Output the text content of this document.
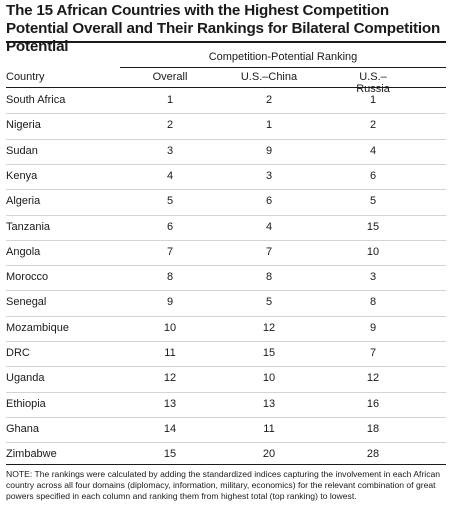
The 15 African Countries with the Highest Competition Potential Overall and Their Rankings for Bilateral Competition Potential
Competition-Potential Ranking
Country	Overall	U.S.–China	U.S.–Russia
South Africa	1	2	1
Nigeria	2	1	2
Sudan	3	9	4
Kenya	4	3	6
Algeria	5	6	5
Tanzania	6	4	15
Angola	7	7	10
Morocco	8	8	3
Senegal	9	5	8
Mozambique	10	12	9
DRC	11	15	7
Uganda	12	10	12
Ethiopia	13	13	16
Ghana	14	11	18
Zimbabwe	15	20	28

NOTE: The rankings were calculated by adding the standardized indices capturing the involvement in each African country across all four domains (diplomacy, information, military, economics) for the relevant combination of great powers specified in each column and ranking them from highest total (top ranking) to lowest.
